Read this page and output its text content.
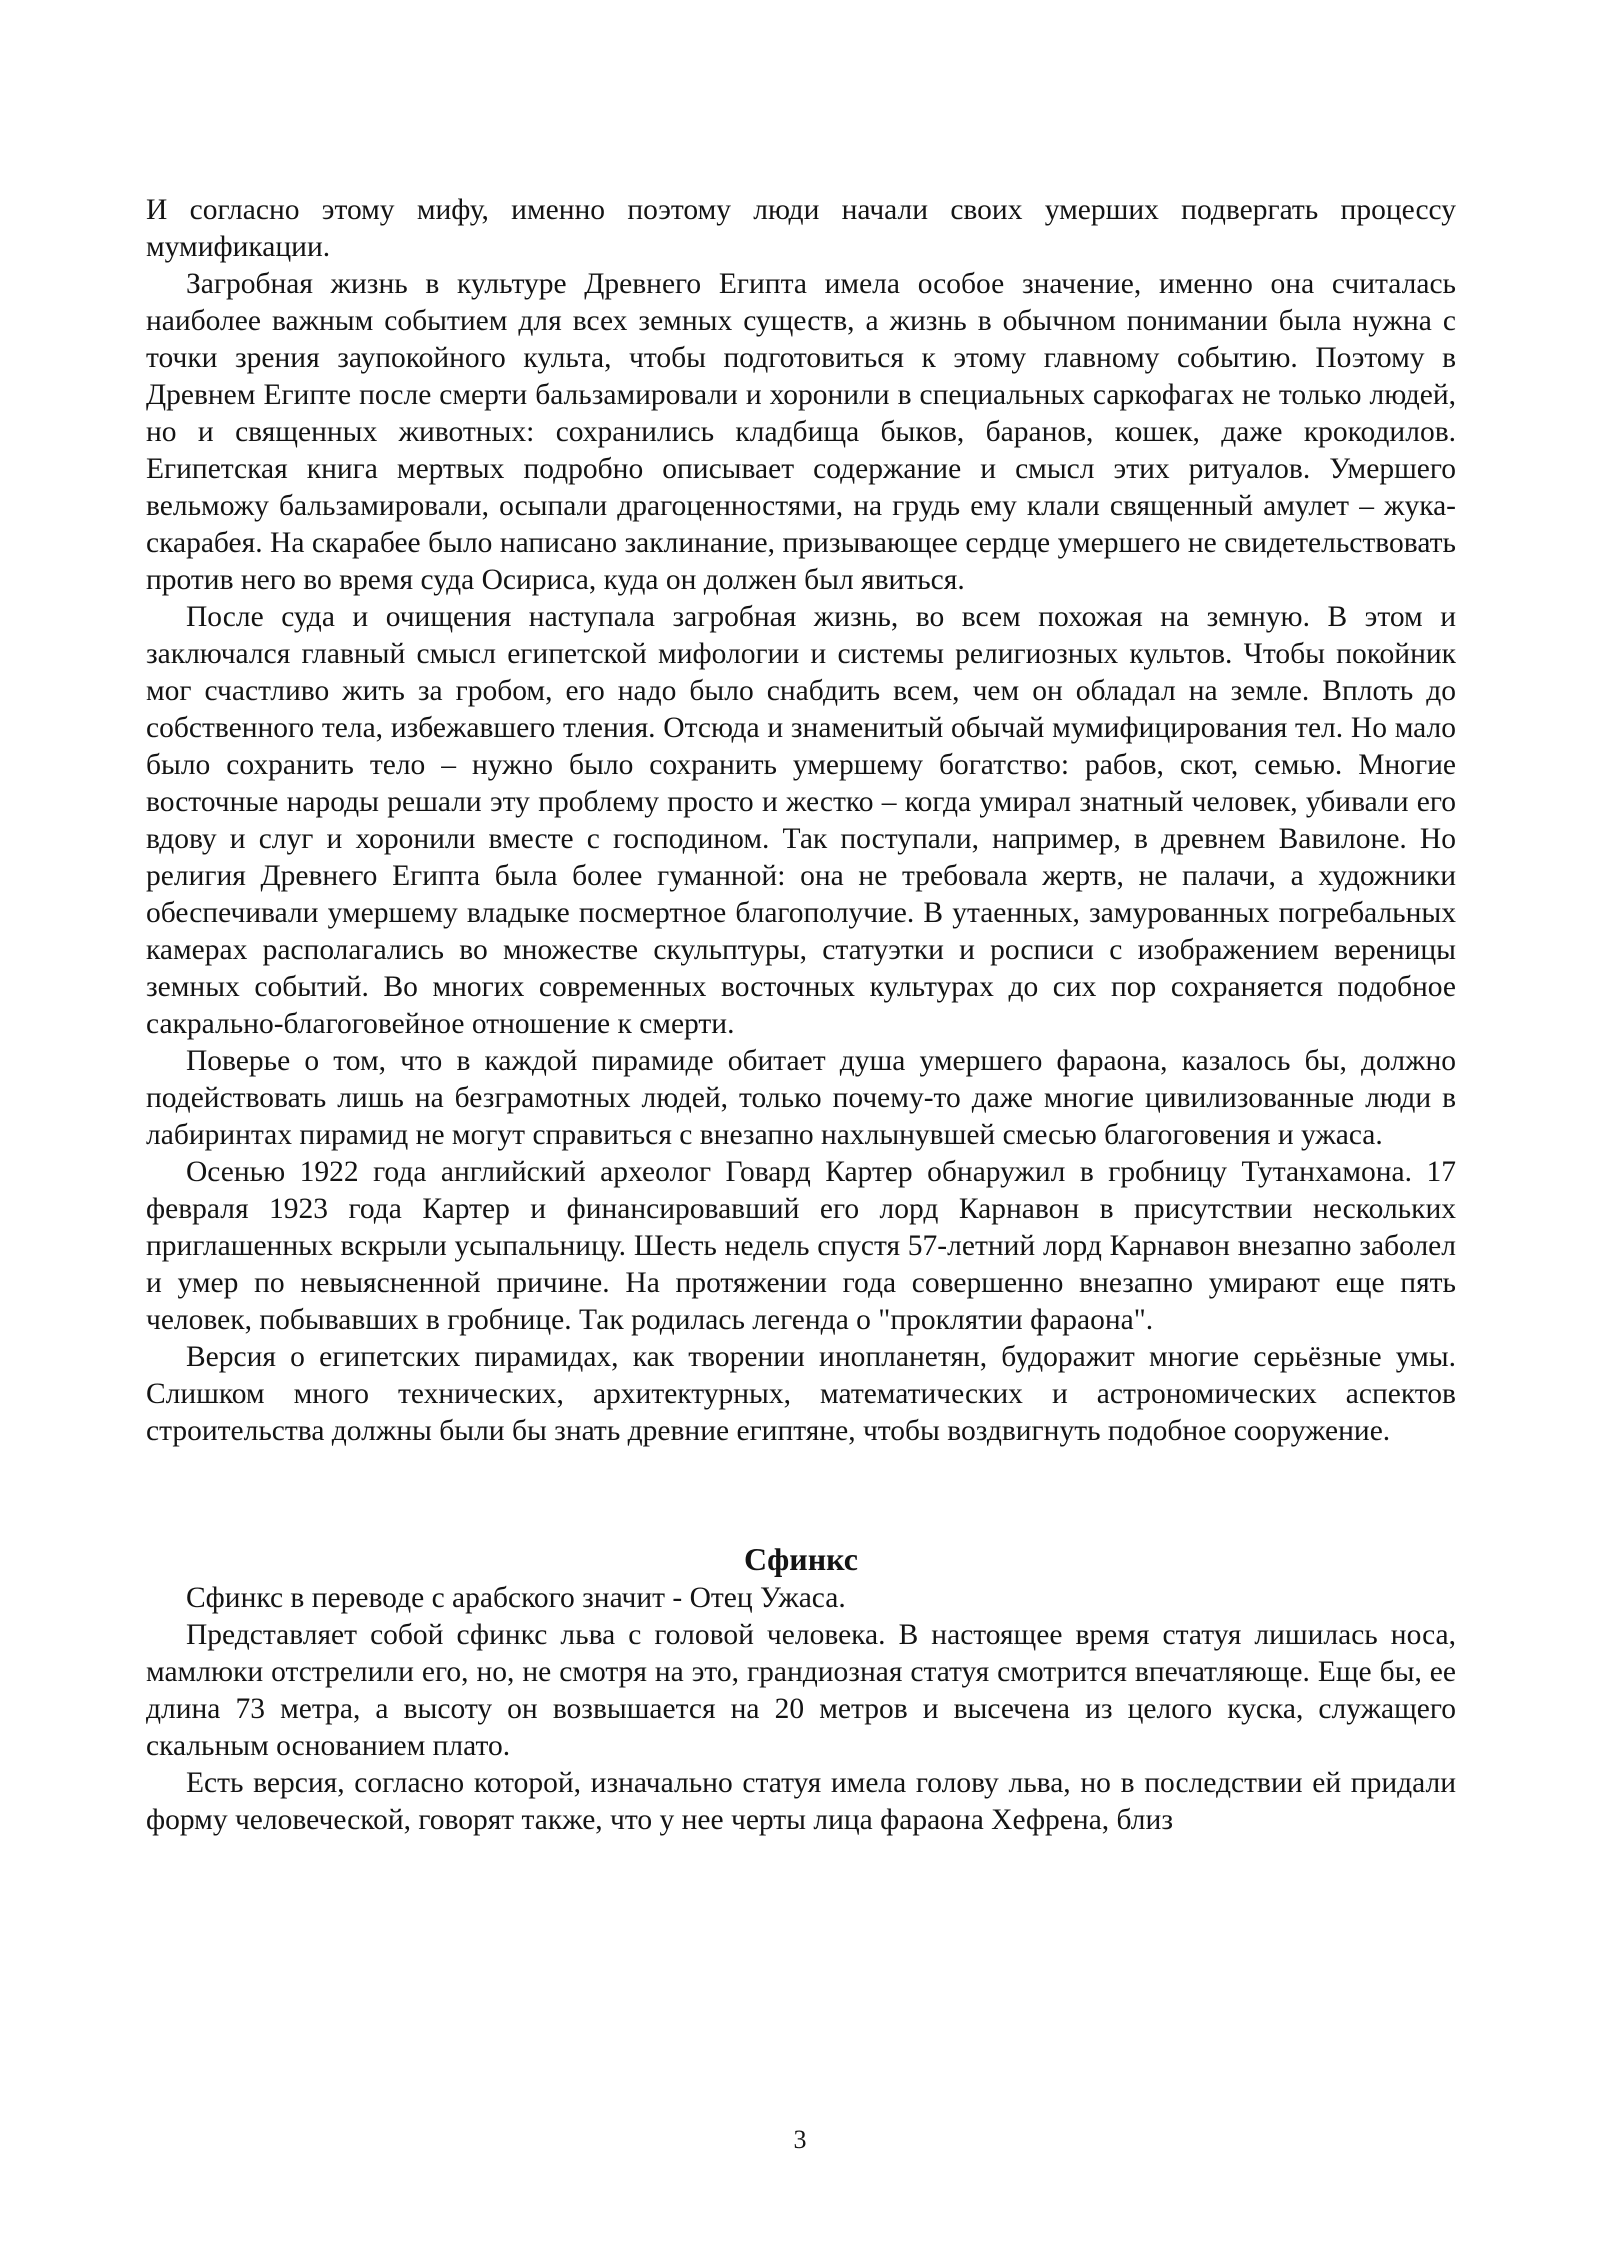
И согласно этому мифу, именно поэтому люди начали своих умерших подвергать процессу мумификации.

Загробная жизнь в культуре Древнего Египта имела особое значение, именно она считалась наиболее важным событием для всех земных существ, а жизнь в обычном понимании была нужна с точки зрения заупокойного культа, чтобы подготовиться к этому главному событию. Поэтому в Древнем Египте после смерти бальзамировали и хоронили в специальных саркофагах не только людей, но и священных животных: сохранились кладбища быков, баранов, кошек, даже крокодилов. Египетская книга мертвых подробно описывает содержание и смысл этих ритуалов. Умершего вельможу бальзамировали, осыпали драгоценностями, на грудь ему клали священный амулет – жука-скарабея. На скарабее было написано заклинание, призывающее сердце умершего не свидетельствовать против него во время суда Осириса, куда он должен был явиться.

После суда и очищения наступала загробная жизнь, во всем похожая на земную. В этом и заключался главный смысл египетской мифологии и системы религиозных культов. Чтобы покойник мог счастливо жить за гробом, его надо было снабдить всем, чем он обладал на земле. Вплоть до собственного тела, избежавшего тления. Отсюда и знаменитый обычай мумифицирования тел. Но мало было сохранить тело – нужно было сохранить умершему богатство: рабов, скот, семью. Многие восточные народы решали эту проблему просто и жестко – когда умирал знатный человек, убивали его вдову и слуг и хоронили вместе с господином. Так поступали, например, в древнем Вавилоне. Но религия Древнего Египта была более гуманной: она не требовала жертв, не палачи, а художники обеспечивали умершему владыке посмертное благополучие. В утаенных, замурованных погребальных камерах располагались во множестве скульптуры, статуэтки и росписи с изображением вереницы земных событий. Во многих современных восточных культурах до сих пор сохраняется подобное сакрально-благоговейное отношение к смерти.

Поверье о том, что в каждой пирамиде обитает душа умершего фараона, казалось бы, должно подействовать лишь на безграмотных людей, только почему-то даже многие цивилизованные люди в лабиринтах пирамид не могут справиться с внезапно нахлынувшей смесью благоговения и ужаса.

Осенью 1922 года английский археолог Говард Картер обнаружил в гробницу Тутанхамона. 17 февраля 1923 года Картер и финансировавший его лорд Карнавон в присутствии нескольких приглашенных вскрыли усыпальницу. Шесть недель спустя 57-летний лорд Карнавон внезапно заболел и умер по невыясненной причине. На протяжении года совершенно внезапно умирают еще пять человек, побывавших в гробнице. Так родилась легенда о "проклятии фараона".

Версия о египетских пирамидах, как творении инопланетян, будоражит многие серьёзные умы. Слишком много технических, архитектурных, математических и астрономических аспектов строительства должны были бы знать древние египтяне, чтобы воздвигнуть подобное сооружение.

Сфинкс

Сфинкс в переводе с арабского значит - Отец Ужаса.

Представляет собой сфинкс льва с головой человека. В настоящее время статуя лишилась носа, мамлюки отстрелили его, но, не смотря на это, грандиозная статуя смотрится впечатляюще. Еще бы, ее длина 73 метра, а высоту он возвышается на 20 метров и высечена из целого куска, служащего скальным основанием плато.

Есть версия, согласно которой, изначально статуя имела голову льва, но в последствии ей придали форму человеческой, говорят также, что у нее черты лица фараона Хефрена, близ

3
